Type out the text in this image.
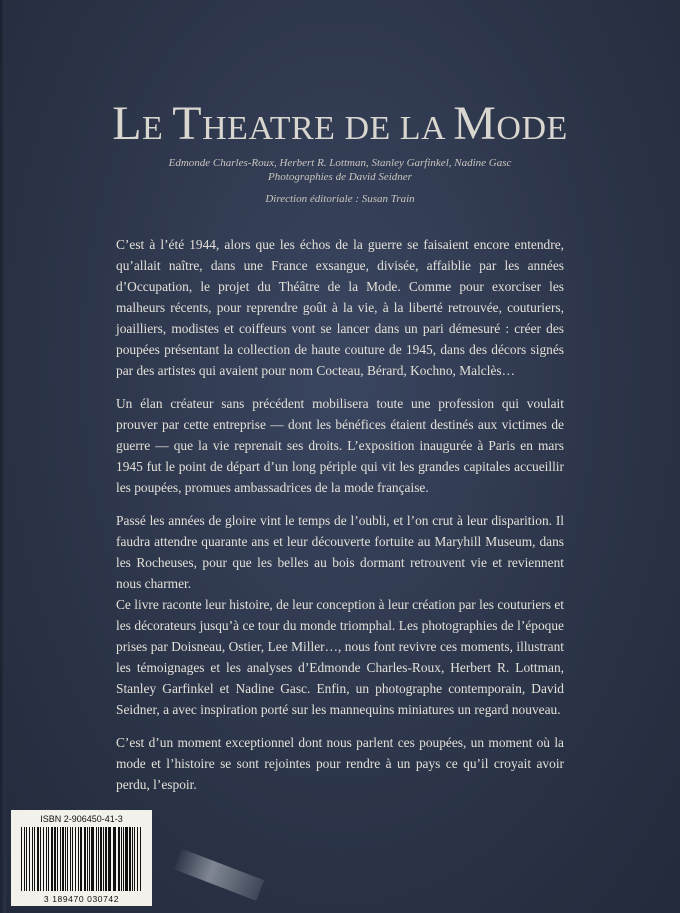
LE THEATRE DE LA MODE

Edmonde Charles-Roux, Herbert R. Lottman, Stanley Garfinkel, Nadine Gasc

Photographies de David Seidner

Direction éditoriale : Susan Train

C’est à l’été 1944, alors que les échos de la guerre se faisaient encore entendre, qu’allait naître, dans une France exsangue, divisée, affaiblie par les années d’Occupation, le projet du Théâtre de la Mode. Comme pour exorciser les malheurs récents, pour reprendre goût à la vie, à la liberté retrouvée, couturiers, joailliers, modistes et coiffeurs vont se lancer dans un pari démesuré : créer des poupées présentant la collection de haute couture de 1945, dans des décors signés par des artistes qui avaient pour nom Cocteau, Bérard, Kochno, Malclès…

Un élan créateur sans précédent mobilisera toute une profession qui voulait prouver par cette entreprise — dont les bénéfices étaient destinés aux victimes de guerre — que la vie reprenait ses droits. L’exposition inaugurée à Paris en mars 1945 fut le point de départ d’un long périple qui vit les grandes capitales accueillir les poupées, promues ambassadrices de la mode française.

Passé les années de gloire vint le temps de l’oubli, et l’on crut à leur disparition. Il faudra attendre quarante ans et leur découverte fortuite au Maryhill Museum, dans les Rocheuses, pour que les belles au bois dormant retrouvent vie et reviennent nous charmer.

Ce livre raconte leur histoire, de leur conception à leur création par les couturiers et les décorateurs jusqu’à ce tour du monde triomphal. Les photographies de l’époque prises par Doisneau, Ostier, Lee Miller…, nous font revivre ces moments, illustrant les témoignages et les analyses d’Edmonde Charles-Roux, Herbert R. Lottman, Stanley Garfinkel et Nadine Gasc. Enfin, un photographe contemporain, David Seidner, a avec inspiration porté sur les mannequins miniatures un regard nouveau.

C’est d’un moment exceptionnel dont nous parlent ces poupées, un moment où la mode et l’histoire se sont rejointes pour rendre à un pays ce qu’il croyait avoir perdu, l’espoir.

ISBN 2-906450-41-3

3 189470 030742
